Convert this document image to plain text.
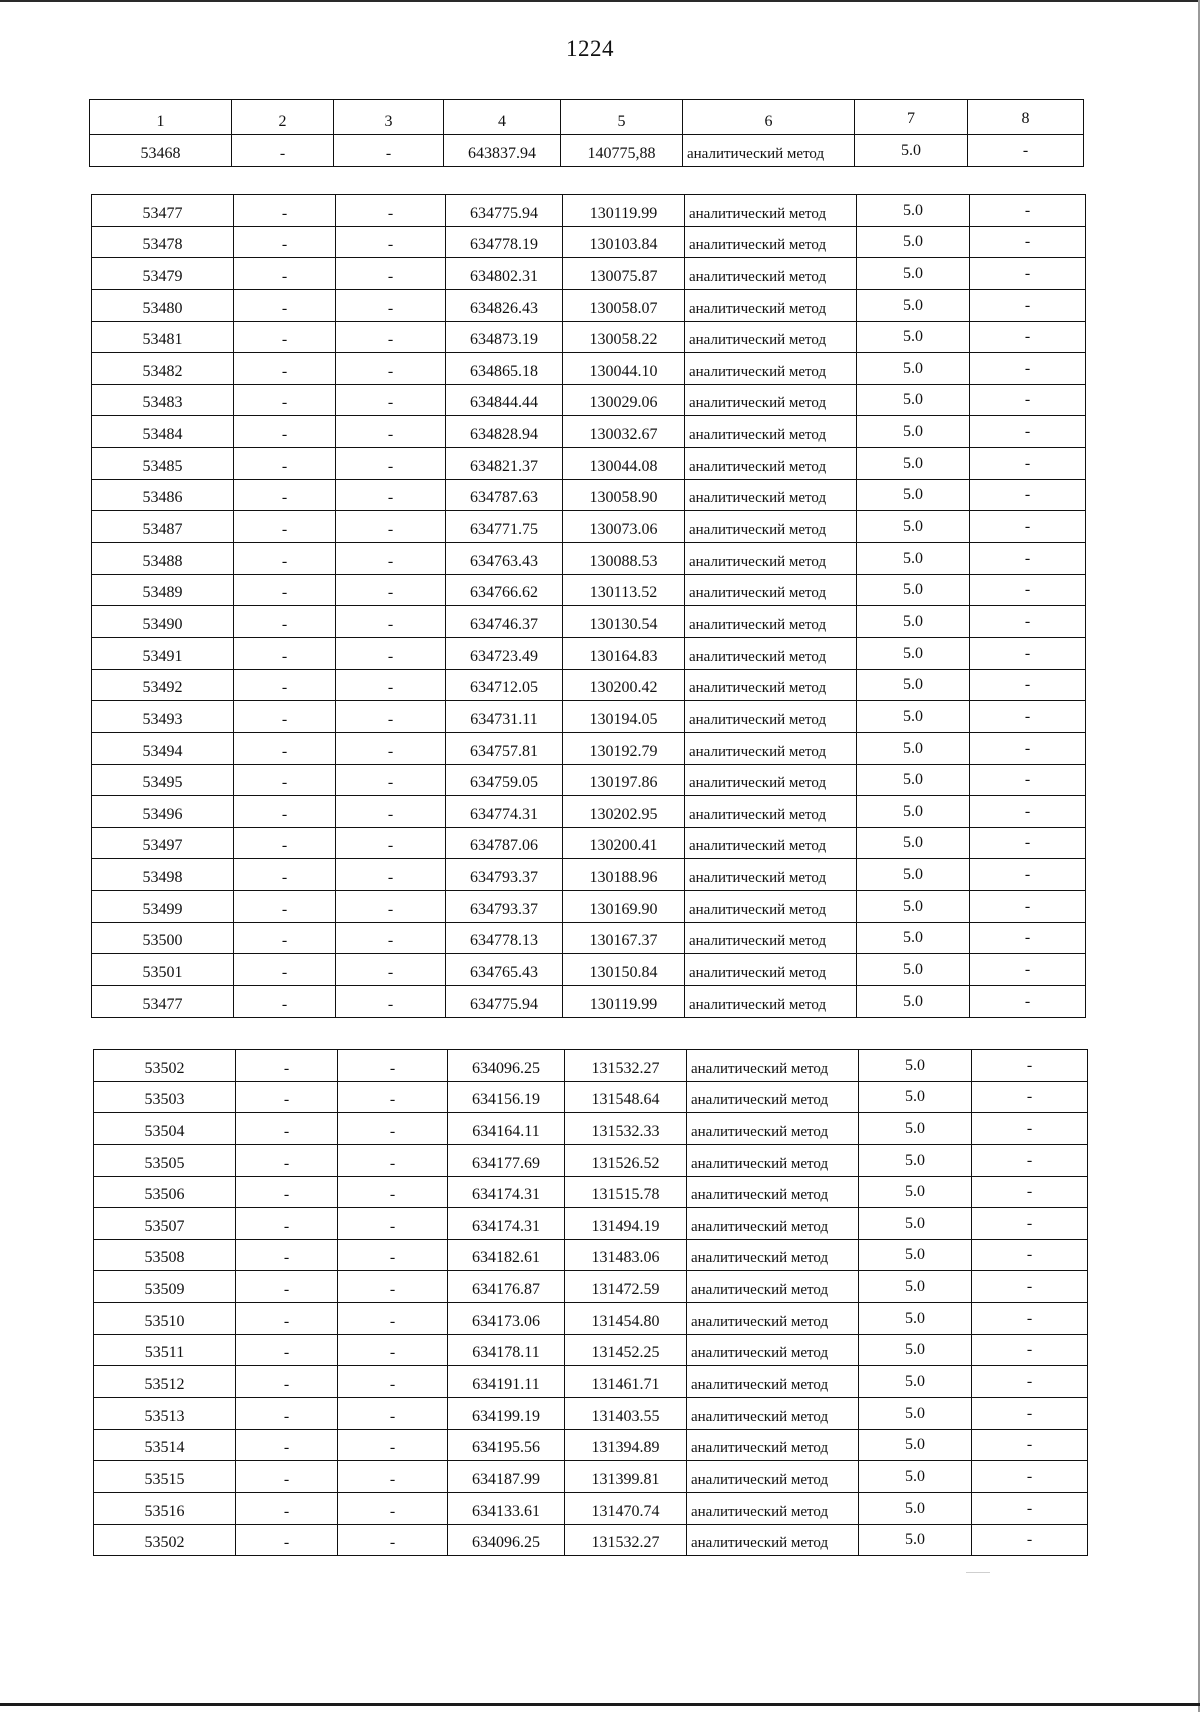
1224
1	2	3	4	5	6	7	8
53468	-	-	643837.94	140775,88	аналитический метод	5.0	-
53477	-	-	634775.94	130119.99	аналитический метод	5.0	-
53478	-	-	634778.19	130103.84	аналитический метод	5.0	-
53479	-	-	634802.31	130075.87	аналитический метод	5.0	-
53480	-	-	634826.43	130058.07	аналитический метод	5.0	-
53481	-	-	634873.19	130058.22	аналитический метод	5.0	-
53482	-	-	634865.18	130044.10	аналитический метод	5.0	-
53483	-	-	634844.44	130029.06	аналитический метод	5.0	-
53484	-	-	634828.94	130032.67	аналитический метод	5.0	-
53485	-	-	634821.37	130044.08	аналитический метод	5.0	-
53486	-	-	634787.63	130058.90	аналитический метод	5.0	-
53487	-	-	634771.75	130073.06	аналитический метод	5.0	-
53488	-	-	634763.43	130088.53	аналитический метод	5.0	-
53489	-	-	634766.62	130113.52	аналитический метод	5.0	-
53490	-	-	634746.37	130130.54	аналитический метод	5.0	-
53491	-	-	634723.49	130164.83	аналитический метод	5.0	-
53492	-	-	634712.05	130200.42	аналитический метод	5.0	-
53493	-	-	634731.11	130194.05	аналитический метод	5.0	-
53494	-	-	634757.81	130192.79	аналитический метод	5.0	-
53495	-	-	634759.05	130197.86	аналитический метод	5.0	-
53496	-	-	634774.31	130202.95	аналитический метод	5.0	-
53497	-	-	634787.06	130200.41	аналитический метод	5.0	-
53498	-	-	634793.37	130188.96	аналитический метод	5.0	-
53499	-	-	634793.37	130169.90	аналитический метод	5.0	-
53500	-	-	634778.13	130167.37	аналитический метод	5.0	-
53501	-	-	634765.43	130150.84	аналитический метод	5.0	-
53477	-	-	634775.94	130119.99	аналитический метод	5.0	-
53502	-	-	634096.25	131532.27	аналитический метод	5.0	-
53503	-	-	634156.19	131548.64	аналитический метод	5.0	-
53504	-	-	634164.11	131532.33	аналитический метод	5.0	-
53505	-	-	634177.69	131526.52	аналитический метод	5.0	-
53506	-	-	634174.31	131515.78	аналитический метод	5.0	-
53507	-	-	634174.31	131494.19	аналитический метод	5.0	-
53508	-	-	634182.61	131483.06	аналитический метод	5.0	-
53509	-	-	634176.87	131472.59	аналитический метод	5.0	-
53510	-	-	634173.06	131454.80	аналитический метод	5.0	-
53511	-	-	634178.11	131452.25	аналитический метод	5.0	-
53512	-	-	634191.11	131461.71	аналитический метод	5.0	-
53513	-	-	634199.19	131403.55	аналитический метод	5.0	-
53514	-	-	634195.56	131394.89	аналитический метод	5.0	-
53515	-	-	634187.99	131399.81	аналитический метод	5.0	-
53516	-	-	634133.61	131470.74	аналитический метод	5.0	-
53502	-	-	634096.25	131532.27	аналитический метод	5.0	-
